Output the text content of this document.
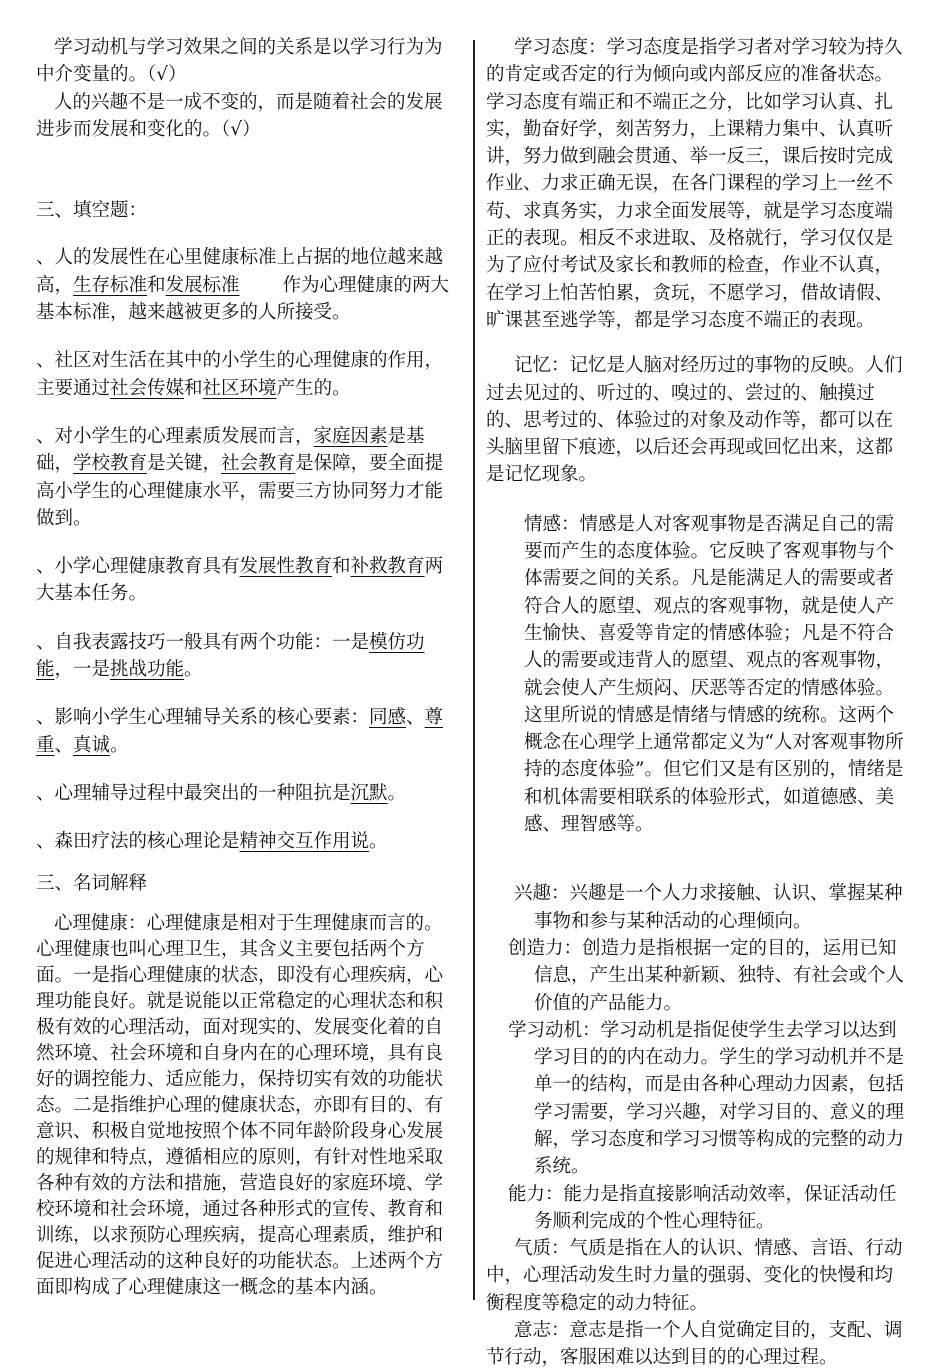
学习动机与学习效果之间的关系是以学习行为为中介变量的。（√）

人的兴趣不是一成不变的，而是随着社会的发展进步而发展和变化的。（√）

三、填空题：

、人的发展性在心里健康标准上占据的地位越来越高，生存标准和发展标准　　 作为心理健康的两大基本标准，越来越被更多的人所接受。

、社区对生活在其中的小学生的心理健康的作用，主要通过社会传媒和社区环境产生的。

、对小学生的心理素质发展而言，家庭因素是基础，学校教育是关键，社会教育是保障，要全面提高小学生的心理健康水平，需要三方协同努力才能做到。

、小学心理健康教育具有发展性教育和补救教育两大基本任务。

、自我表露技巧一般具有两个功能：一是模仿功能，一是挑战功能。

、影响小学生心理辅导关系的核心要素：同感、尊重、真诚。

、心理辅导过程中最突出的一种阻抗是沉默。

、森田疗法的核心理论是精神交互作用说。

三、名词解释

心理健康：心理健康是相对于生理健康而言的。心理健康也叫心理卫生，其含义主要包括两个方面。一是指心理健康的状态，即没有心理疾病，心理功能良好。就是说能以正常稳定的心理状态和积极有效的心理活动，面对现实的、发展变化着的自然环境、社会环境和自身内在的心理环境，具有良好的调控能力、适应能力，保持切实有效的功能状态。二是指维护心理的健康状态，亦即有目的、有意识、积极自觉地按照个体不同年龄阶段身心发展的规律和特点，遵循相应的原则，有针对性地采取各种有效的方法和措施，营造良好的家庭环境、学校环境和社会环境，通过各种形式的宣传、教育和训练，以求预防心理疾病，提高心理素质，维护和促进心理活动的这种良好的功能状态。上述两个方面即构成了心理健康这一概念的基本内涵。

学习态度：学习态度是指学习者对学习较为持久的肯定或否定的行为倾向或内部反应的准备状态。学习态度有端正和不端正之分，比如学习认真、扎实，勤奋好学，刻苦努力，上课精力集中、认真听讲，努力做到融会贯通、举一反三，课后按时完成作业、力求正确无误，在各门课程的学习上一丝不苟、求真务实，力求全面发展等，就是学习态度端正的表现。相反不求进取、及格就行，学习仅仅是为了应付考试及家长和教师的检查，作业不认真，在学习上怕苦怕累，贪玩，不愿学习，借故请假、旷课甚至逃学等，都是学习态度不端正的表现。

记忆：记忆是人脑对经历过的事物的反映。人们过去见过的、听过的、嗅过的、尝过的、触摸过的、思考过的、体验过的对象及动作等，都可以在头脑里留下痕迹，以后还会再现或回忆出来，这都是记忆现象。

情感：情感是人对客观事物是否满足自己的需要而产生的态度体验。它反映了客观事物与个体需要之间的关系。凡是能满足人的需要或者符合人的愿望、观点的客观事物，就是使人产生愉快、喜爱等肯定的情感体验；凡是不符合人的需要或违背人的愿望、观点的客观事物，就会使人产生烦闷、厌恶等否定的情感体验。这里所说的情感是情绪与情感的统称。这两个概念在心理学上通常都定义为“人对客观事物所持的态度体验”。但它们又是有区别的，情绪是和机体需要相联系的体验形式，如道德感、美感、理智感等。

兴趣：兴趣是一个人力求接触、认识、掌握某种事物和参与某种活动的心理倾向。

创造力：创造力是指根据一定的目的，运用已知信息，产生出某种新颖、独特、有社会或个人价值的产品能力。

学习动机：学习动机是指促使学生去学习以达到学习目的的内在动力。学生的学习动机并不是单一的结构，而是由各种心理动力因素，包括学习需要，学习兴趣，对学习目的、意义的理解，学习态度和学习习惯等构成的完整的动力系统。

能力：能力是指直接影响活动效率，保证活动任务顺利完成的个性心理特征。

气质：气质是指在人的认识、情感、言语、行动中，心理活动发生时力量的强弱、变化的快慢和均衡程度等稳定的动力特征。

意志：意志是指一个人自觉确定目的，支配、调节行动，客服困难以达到目的的心理过程。
